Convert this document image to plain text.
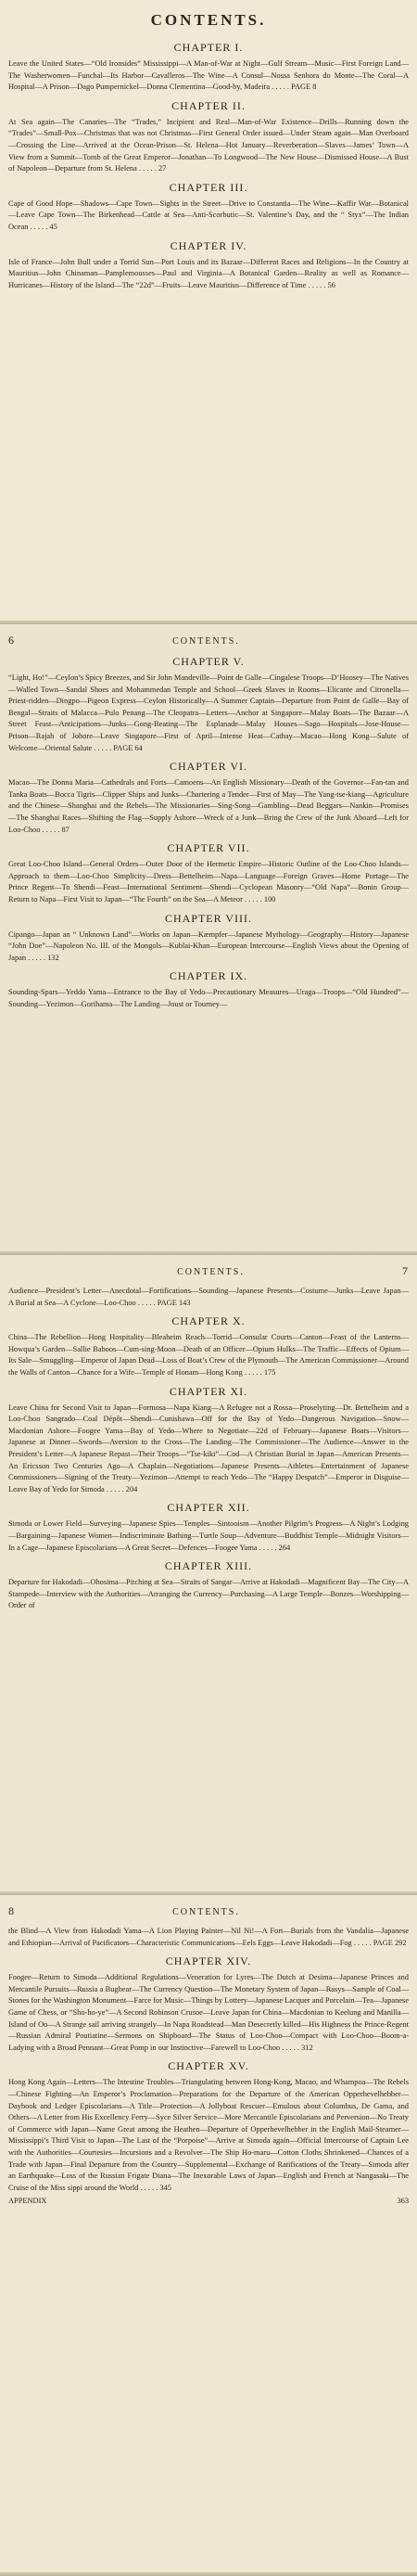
CONTENTS.
CHAPTER I.

Leave the United States—“Old Ironsides” Mississippi—A Man-of-War at Night—Gulf Stream—Music—First Foreign Land—The Washerwomen—Funchal—Its Harbor—Cavalleros—The Wine—A Consul—Nossa Senhora do Monte—The Coral—A Hospital—A Prison—Dago Pumpernickel—Donna Clementina—Good-by, Madeira . . . . . PAGE 8

CHAPTER II.

At Sea again—The Canaries—The “Trades,” Incipient and Real—Man-of-War Existence—Drills—Running down the “Trades”—Small-Pox—Christmas that was not Christmas—First General Order issued—Under Steam again—Man Overboard—Crossing the Line—Arrived at the Ocean-Prison—St. Helena—Hot January—Reverberation—Slaves—James’ Town—A View from a Summit—Tomb of the Great Emperor—Jonathan—To Longwood—The New House—Dismissed House—A Bust of Napoleon—Departure from St. Helena . . . . . 27

CHAPTER III.

Cape of Good Hope—Shadows—Cape Town—Sights in the Street—Drive to Constantia—The Wine—Kaffir War—Botanical—Leave Cape Town—The Birkenhead—Cattle at Sea—Anti-Scorbutic—St. Valentine’s Day, and the “ Styx”—The Indian Ocean . . . . . 45

CHAPTER IV.

Isle of France—John Bull under a Torrid Sun—Port Louis and its Bazaar—Different Races and Religions—In the Country at Mauritius—John Chinaman—Pamplemousses—Paul and Virginia—A Botanical Garden—Reality as well as Romance—Hurricanes—History of the Island—The “22d”—Fruits—Leave Mauritius—Difference of Time . . . . . 56

6	CONTENTS.
CHAPTER V.

“Light, Ho!”—Ceylon’s Spicy Breezes, and Sir John Mandeville—Point de Galle—Cingalese Troops—D’Hoosey—The Natives—Walled Town—Sandal Shoes and Mohammedan Temple and School—Greek Slaves in Rooms—Elicante and Citronella—Priest-ridden—Dingpo—Pigeon Express—Ceylon Historically—A Summer Captain—Departure from Point de Galle—Bay of Bengal—Straits of Malacca—Pulo Penang—The Cleopatra—Letters—Anchor at Singapore—Malay Boats—The Bazaar—A Street Feast—Anticipations—Junks—Gong-Beating—The Esplanade—Malay Houses—Sago—Hospitals—Jose-House—Prison—Rajah of Johore—Leave Singapore—First of April—Intense Heat—Cathay—Macao—Hong Kong—Salute of Welcome—Oriental Salute . . . . . PAGE 64

CHAPTER VI.

Macao—The Donna Maria—Cathedrals and Forts—Camoens—An English Missionary—Death of the Governor—Fan-tan and Tanka Boats—Bocca Tigris—Clipper Ships and Junks—Chartering a Tender—First of May—The Yang-tse-kiang—Agriculture and the Chinese—Shanghai and the Rebels—The Missionaries—Sing-Song—Gambling—Dead Beggars—Nankin—Promises—The Shanghai Races—Shifting the Flag—Supply Ashore—Wreck of a Junk—Bring the Crew of the Junk Aboard—Left for Loo-Choo . . . . . 87

CHAPTER VII.

Great Loo-Choo Island—General Orders—Outer Door of the Hermetic Empire—Historic Outline of the Loo-Choo Islands—Approach to them—Loo-Choo Simplicity—Dress—Bettelheim—Napa—Language—Foreign Graves—Home Portage—The Prince Regent—To Shendi—Feast—International Sentiment—Shendi—Cyclopean Masonry—“Old Napa”—Bonin Group—Return to Napa—First Visit to Japan—“The Fourth” on the Sea—A Meteor . . . . . 100

CHAPTER VIII.

Cipango—Japan an “ Unknown Land”—Works on Japan—Kæmpfer—Japanese Mythology—Geography—History—Japanese “John Doe”—Napoleon No. III. of the Mongols—Kublai-Khan—European Intercourse—English Views about the Opening of Japan . . . . . 132

CHAPTER IX.

Sounding-Spars—Yeddo Yama—Entrance to the Bay of Yedo—Precautionary Measures—Uraga—Troops—“Old Hundred”—Sounding—Yezimon—Gorihama—The Landing—Joust or Tourney—

CONTENTS.	7

Audience—President’s Letter—Anecdotal—Fortifications—Sounding—Japanese Presents—Costume—Junks—Leave Japan—A Burial at Sea—A Cyclone—Loo-Choo . . . . . PAGE 143

CHAPTER X.

China—The Rebellion—Hong Hospitality—Bleaheim Reach—Torrid—Consular Courts—Canton—Feast of the Lanterns—Howqua’s Garden—Sallie Baboos—Cum-sing-Moon—Death of an Officer—Opium Hulks—The Traffic—Effects of Opium—Its Sale—Smuggling—Emperor of Japan Dead—Loss of Boat’s Crew of the Plymouth—The American Commissioner—Around the Walls of Canton—Chance for a Wife—Temple of Honam—Hong Kong . . . . . 175

CHAPTER XI.

Leave China for Second Visit to Japan—Formosa—Napa Kiang—A Refugee not a Rossa—Proselyting—Dr. Bettelheim and a Loo-Choo Sangrado—Coal Dépôt—Shendi—Cunishawa—Off for the Bay of Yedo—Dangerous Navigation—Snow—Macdonian Ashore—Foogee Yama—Bay of Yedo—Where to Negotiate—22d of February—Japanese Boats—Visitors—Japanese at Dinner—Swords—Aversion to the Cross—The Landing—The Commissioner—The Audience—Answer to the President’s Letter—A Japanese Repast—Their Troops—“Tse-kiki”—Cod—A Christian Burial in Japan—American Presents—An Ericsson Two Centuries Ago—A Chaplain—Negotiations—Japanese Presents—Athletes—Entertainment of Japanese Commissioners—Signing of the Treaty—Yezimon—Attempt to reach Yedo—The “Happy Despatch”—Emperor in Disguise—Leave Bay of Yedo for Simoda . . . . . 204

CHAPTER XII.

Simoda or Lower Field—Surveying—Japanese Spies—Temples—Sintooism—Another Pilgrim’s Progress—A Night’s Lodging—Bargaining—Japanese Women—Indiscriminate Bathing—Turtle Soup—Adventure—Buddhist Temple—Midnight Visitors—In a Cage—Japanese Episcolarians—A Great Secret—Defences—Foogee Yama . . . . . 264

CHAPTER XIII.

Departure for Hakodadi—Ohosima—Pitching at Sea—Straits of Sangar—Arrive at Hakodadi—Magnificent Bay—The City—A Stampede—Interview with the Authorities—Arranging the Currency—Purchasing—A Large Temple—Bonzes—Worshipping—Order of

8	CONTENTS.

the Blind—A View from Hakodadi Yama—A Lion Playing Painter—Nil Ni!—A Fort—Burials from the Vandalia—Japanese and Ethiopian—Arrival of Pacificators—Characteristic Communications—Eels Eggs—Leave Hakodadi—Fog . . . . . PAGE 292

CHAPTER XIV.

Foogee—Return to Simoda—Additional Regulations—Veneration for Lyres—The Dutch at Desima—Japanese Princes and Mercantile Pursuits—Russia a Bugbear—The Currency Question—The Monetary System of Japan—Rasys—Sample of Coal—Stones for the Washington Monument—Farce for Music—Things by Lottery—Japanese Lacquer and Porcelain—Tea—Japanese Game of Chess, or “Sho-ho-ye”—A Second Robinson Crusoe—Leave Japan for China—Macdonian to Keelung and Manilla—Island of Oo—A Strange sail arriving strangely—In Napa Roadstead—Man Desecretly killed—His Highness the Prince-Regent—Russian Admiral Poutiatine—Sermons on Shipboard—The Status of Loo-Choo—Compact with Loo-Choo—Boom-a-Ladying with a Broad Pennant—Great Pomp in our Instinctive—Farewell to Loo-Choo . . . . . 312

CHAPTER XV.

Hong Kong Again—Letters—The Intestine Troubles—Triangulating between Hong-Kong, Macao, and Whampoa—The Rebels—Chinese Fighting—An Emperor’s Proclamation—Preparations for the Departure of the American Opperhevelhebber—Daybook and Ledger Episcolarians—A Title—Protection—A Jollyboat Rescuer—Emulous about Columbus, De Gama, and Others—A Letter from His Excellency Ferry—Syce Silver Service—More Mercantile Episcolarians and Perversion—No Treaty of Commerce with Japan—Name Great among the Heathen—Departure of Opperhevelhebber in the English Mail-Steamer—Mississippi’s Third Visit to Japan—The Last of the “Porpoise”—Arrive at Simoda again—Official Intercourse of Captain Lee with the Authorities—Courtesies—Incursions and a Revolver—The Ship Ho-maru—Cotton Cloths Shrinkened—Chances of a Trade with Japan—Final Departure from the Country—Supplemental—Exchange of Ratifications of the Treaty—Simoda after an Earthquake—Loss of the Russian Frigate Diana—The Inexorable Laws of Japan—English and French at Nangasaki—The Cruise of the Miss sippi around the World . . . . . 345

APPENDIX	363
